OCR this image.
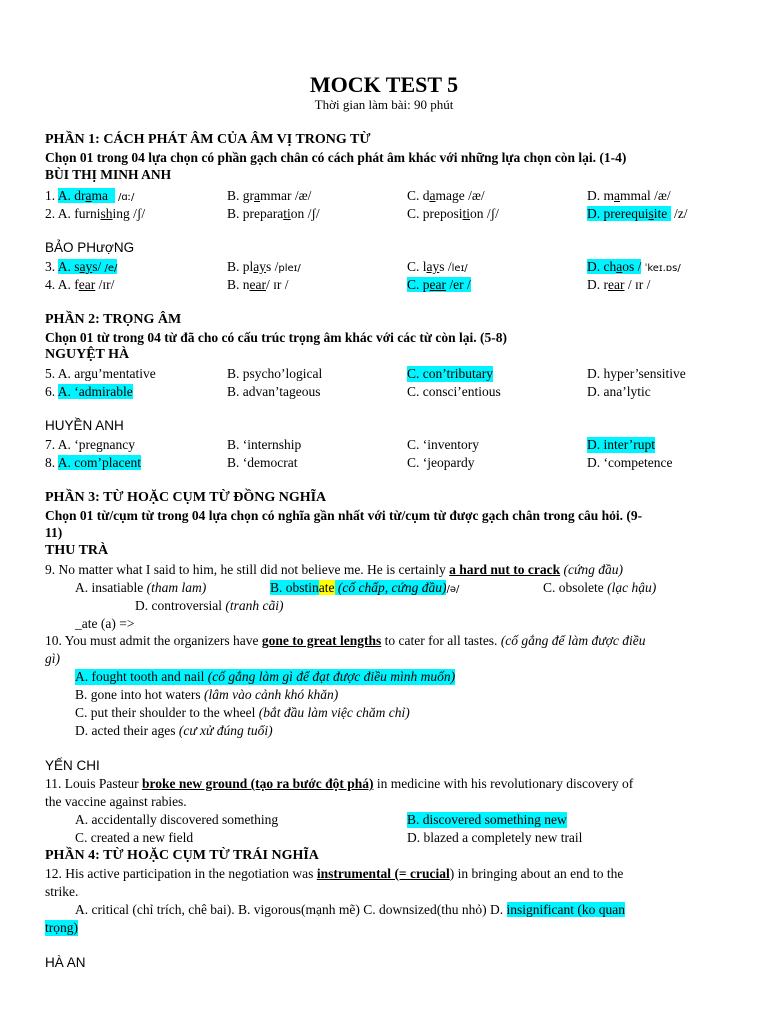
MOCK TEST 5
Thời gian làm bài: 90 phút
PHẦN 1: CÁCH PHÁT ÂM CỦA ÂM VỊ TRONG TỪ
Chọn 01 trong 04 lựa chọn có phần gạch chân có cách phát âm khác với những lựa chọn còn lại. (1-4)
BÙI THỊ MINH ANH
1. A. drama   /ɑː/	B. grammar /æ/	C. damage /æ/	D. mammal /æ/
2. A. furnishing /ʃ/	B. preparation /ʃ/	C. preposition /ʃ/	D. prerequisite  /z/
BẢO PHượNG
3. A. says/ /e/	B. plays /pleɪ/	C. lays /leɪ/	D. chaos / ˈkeɪ.ɒs/
4. A. fear /ɪr/	B. near/ ɪr /	C. pear /er /	D. rear / ɪr /
PHẦN 2: TRỌNG ÂM
Chọn 01 từ trong 04 từ đã cho có cấu trúc trọng âm khác với các từ còn lại. (5-8)
NGUYỆT HÀ
5. A. argu’mentative	B. psycho’logical	C. con’tributary	D. hyper’sensitive
6. A. ‘admirable	B. advan’tageous	C. consci’entious	D. ana’lytic
HUYỀN ANH
7. A. ‘pregnancy	B. ‘internship	C. ‘inventory	D. inter’rupt
8. A. com’placent	B. ‘democrat	C. ‘jeopardy	D. ‘competence
PHẦN 3: TỪ HOẶC CỤM TỪ ĐỒNG NGHĨA
Chọn 01 từ/cụm từ trong 04 lựa chọn có nghĩa gần nhất với từ/cụm từ được gạch chân trong câu hỏi. (9-
11)
THU TRÀ
9. No matter what I said to him, he still did not believe me. He is certainly a hard nut to crack (cứng đầu)
A. insatiable (tham lam)	B. obstinate (cố chấp, cứng đầu)/ə/	C. obsolete (lạc hậu)
D. controversial (tranh cãi)
_ate (a) =>
10. You must admit the organizers have gone to great lengths to cater for all tastes. (cố gắng để làm được điều
gì)
A. fought tooth and nail (cố gắng làm gì để đạt được điều mình muốn)
B. gone into hot waters (lâm vào cảnh khó khăn)
C. put their shoulder to the wheel (bắt đầu làm việc chăm chỉ)
D. acted their ages (cư xử đúng tuổi)
YẾN CHI
11. Louis Pasteur broke new ground (tạo ra bước đột phá) in medicine with his revolutionary discovery of
the vaccine against rabies.
A. accidentally discovered something	B. discovered something new
C. created a new field	D. blazed a completely new trail
PHẦN 4: TỪ HOẶC CỤM TỪ TRÁI NGHĨA
12. His active participation in the negotiation was instrumental (= crucial) in bringing about an end to the
strike.
A. critical (chỉ trích, chê bai). B. vigorous(mạnh mẽ) C. downsized(thu nhỏ) D. insignificant (ko quan
trọng)
HÀ AN
